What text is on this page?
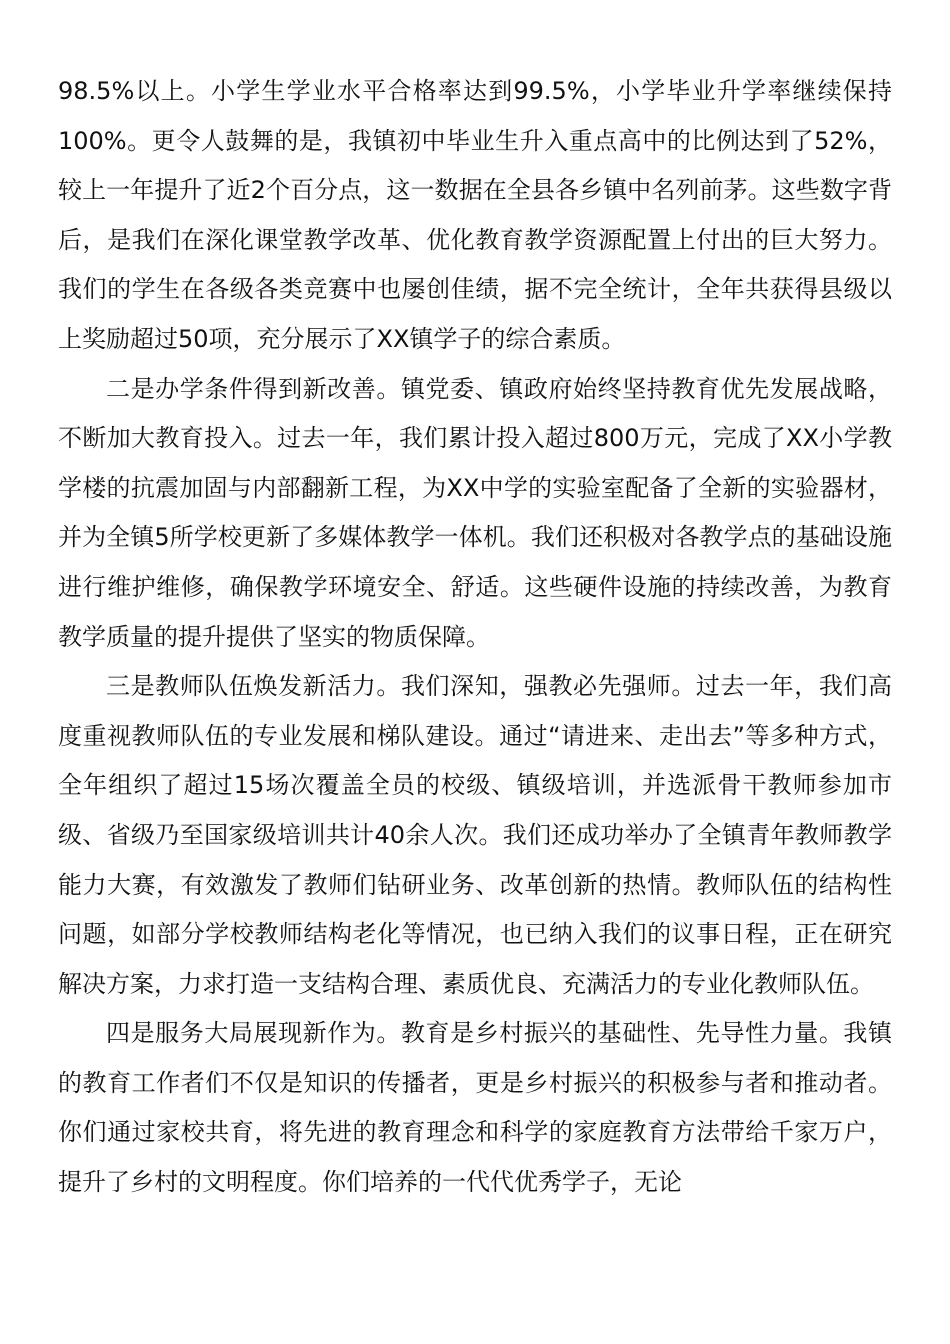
98.5%以上。小学生学业水平合格率达到99.5%，小学毕业升学率继续保持100%。更令人鼓舞的是，我镇初中毕业生升入重点高中的比例达到了52%，较上一年提升了近2个百分点，这一数据在全县各乡镇中名列前茅。这些数字背后，是我们在深化课堂教学改革、优化教育教学资源配置上付出的巨大努力。我们的学生在各级各类竞赛中也屡创佳绩，据不完全统计，全年共获得县级以上奖励超过50项，充分展示了XX镇学子的综合素质。

二是办学条件得到新改善。镇党委、镇政府始终坚持教育优先发展战略，不断加大教育投入。过去一年，我们累计投入超过800万元，完成了XX小学教学楼的抗震加固与内部翻新工程，为XX中学的实验室配备了全新的实验器材，并为全镇5所学校更新了多媒体教学一体机。我们还积极对各教学点的基础设施进行维护维修，确保教学环境安全、舒适。这些硬件设施的持续改善，为教育教学质量的提升提供了坚实的物质保障。

三是教师队伍焕发新活力。我们深知，强教必先强师。过去一年，我们高度重视教师队伍的专业发展和梯队建设。通过“请进来、走出去”等多种方式，全年组织了超过15场次覆盖全员的校级、镇级培训，并选派骨干教师参加市级、省级乃至国家级培训共计40余人次。我们还成功举办了全镇青年教师教学能力大赛，有效激发了教师们钻研业务、改革创新的热情。教师队伍的结构性问题，如部分学校教师结构老化等情况，也已纳入我们的议事日程，正在研究解决方案，力求打造一支结构合理、素质优良、充满活力的专业化教师队伍。

四是服务大局展现新作为。教育是乡村振兴的基础性、先导性力量。我镇的教育工作者们不仅是知识的传播者，更是乡村振兴的积极参与者和推动者。你们通过家校共育，将先进的教育理念和科学的家庭教育方法带给千家万户，提升了乡村的文明程度。你们培养的一代代优秀学子，无论
